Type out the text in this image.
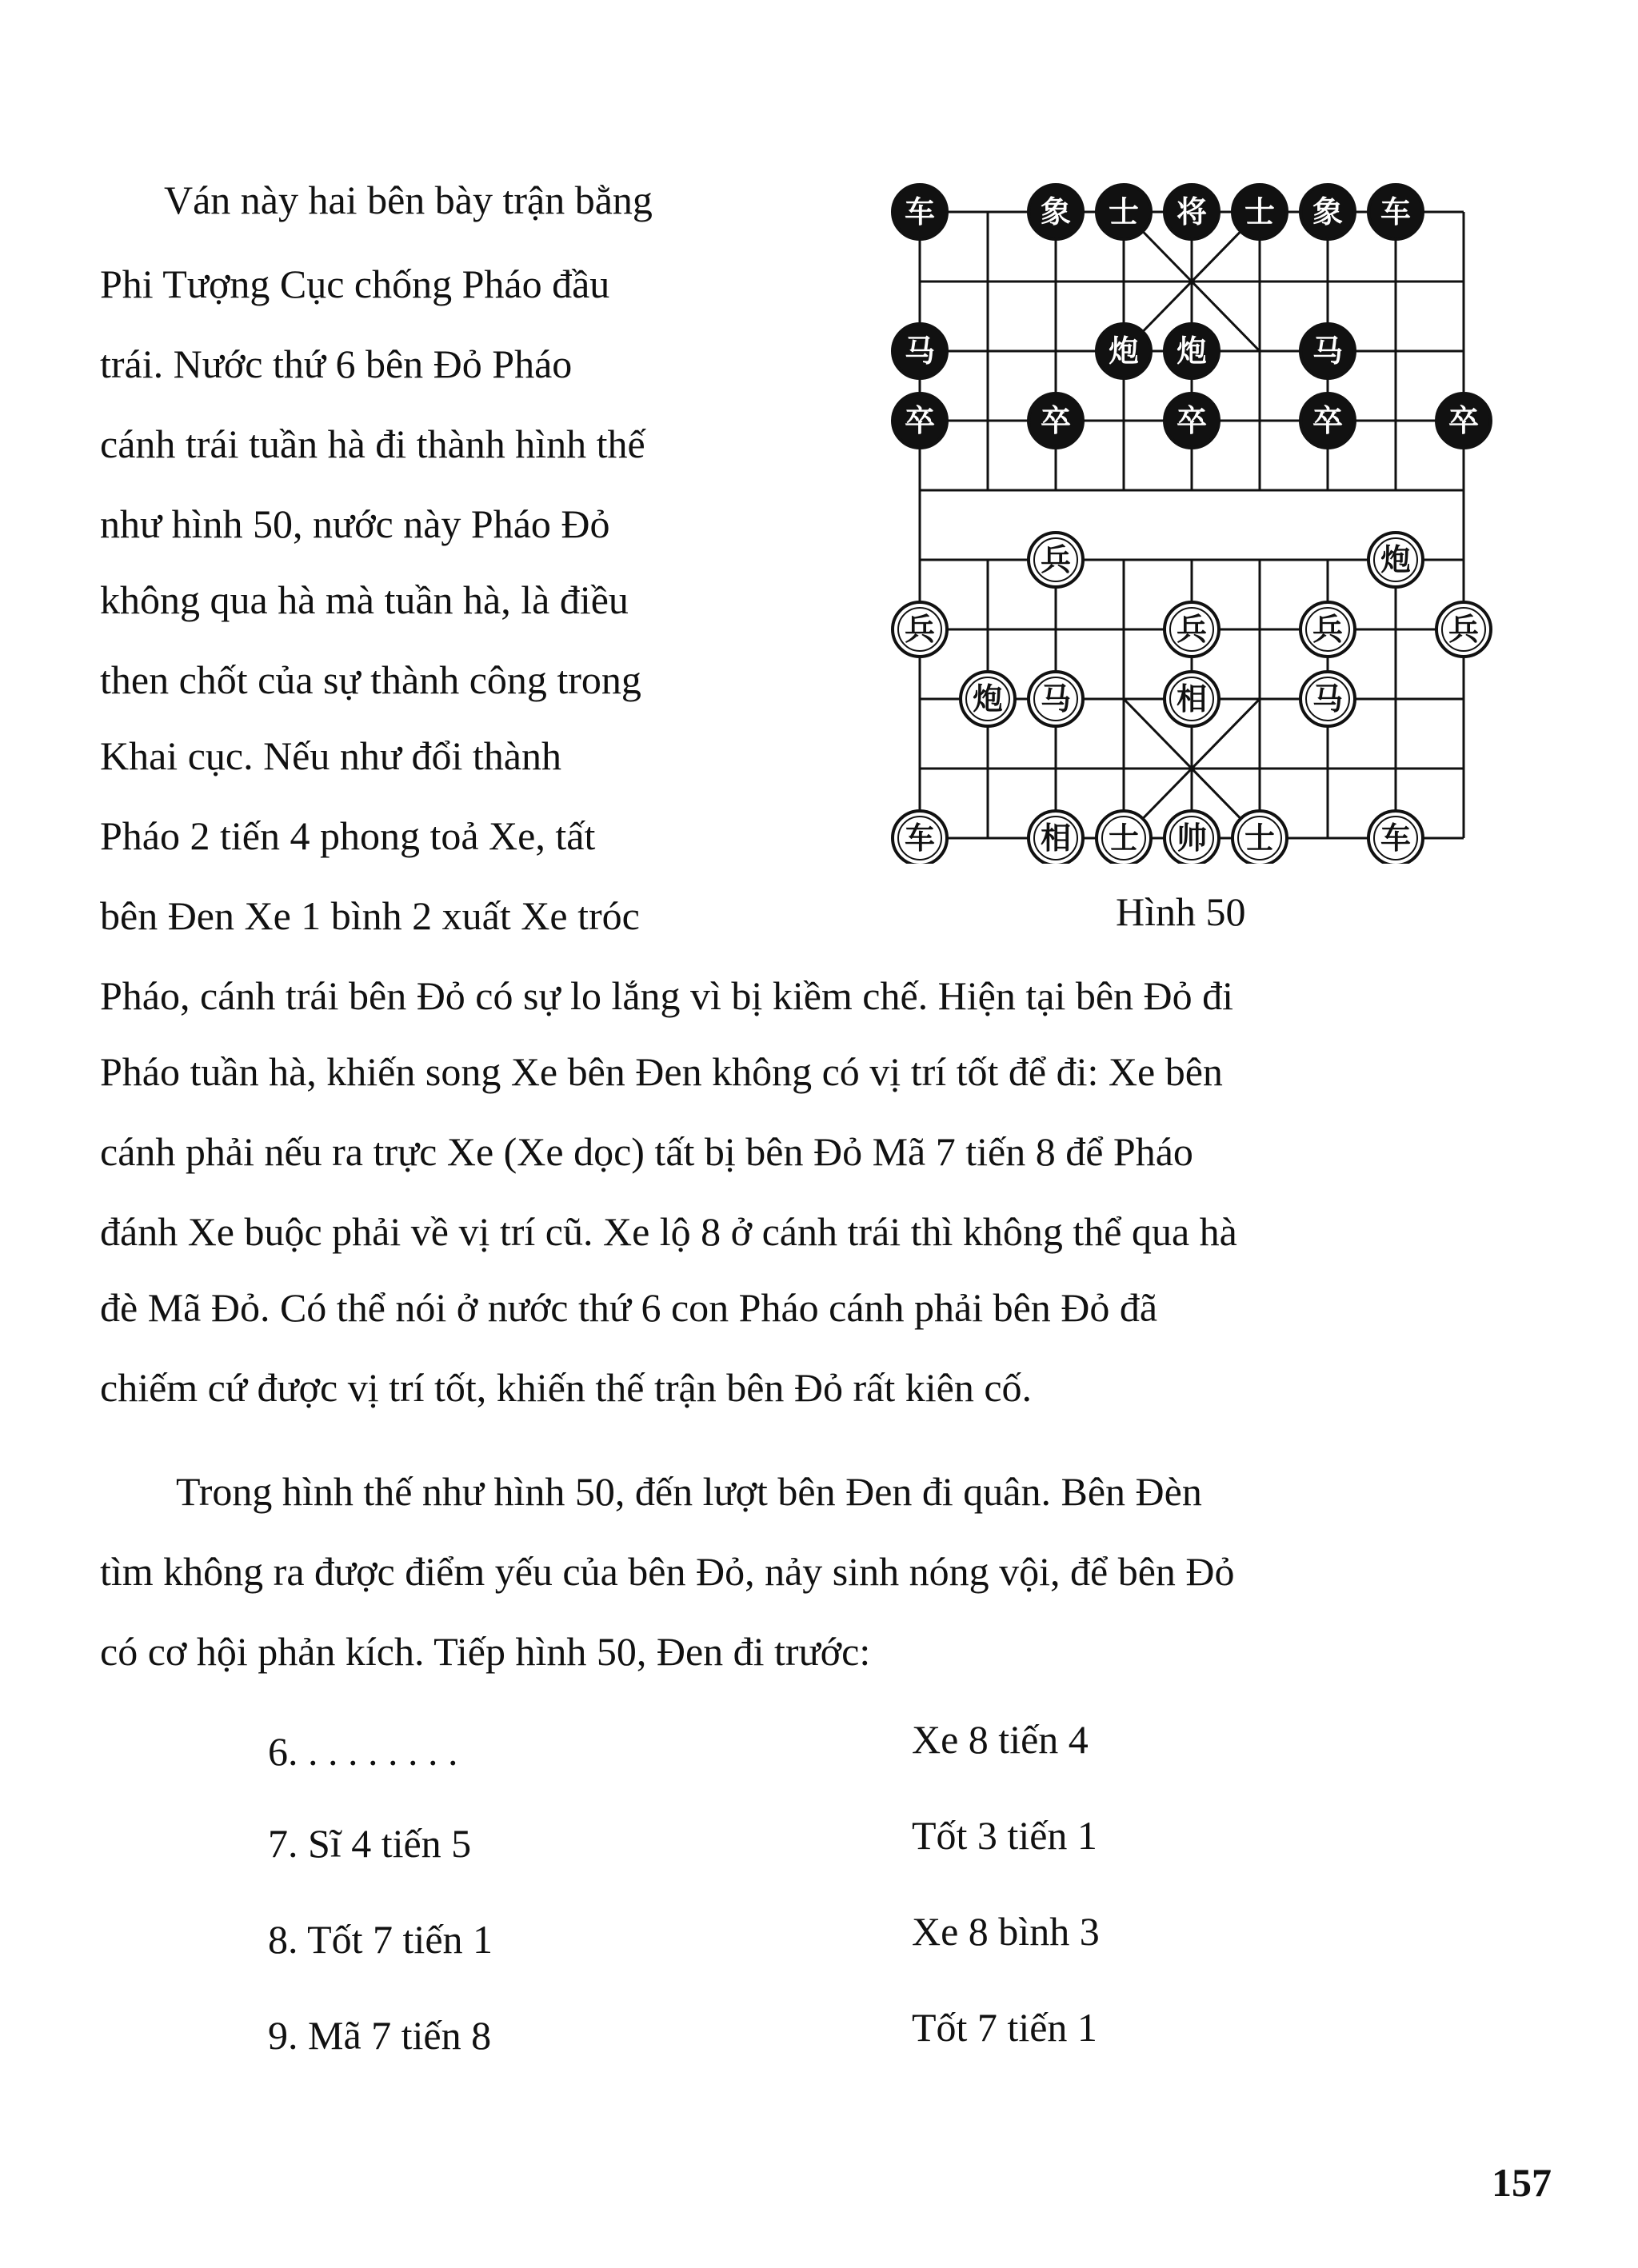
Ván này hai bên bày trận bằng
Phi Tượng Cục chống Pháo đầu
trái. Nước thứ 6 bên Đỏ Pháo
cánh trái tuần hà đi thành hình thế
như hình 50, nước này Pháo Đỏ
không qua hà mà tuần hà, là điều
then chốt của sự thành công trong
Khai cục. Nếu như đổi thành
Pháo 2 tiến 4 phong toả Xe, tất
bên Đen Xe 1 bình 2 xuất Xe tróc
车	象 士 将 士 象 车
炮 炮
马	马
卒	卒	卒	卒	卒
兵	炮
兵	兵	兵	兵
炮 马	相	马
车	相 士 帅 士	车
Hình 50
Pháo, cánh trái bên Đỏ có sự lo lắng vì bị kiềm chế. Hiện tại bên Đỏ đi
Pháo tuần hà, khiến song Xe bên Đen không có vị trí tốt để đi: Xe bên
cánh phải nếu ra trực Xe (Xe dọc) tất bị bên Đỏ Mã 7 tiến 8 để Pháo
đánh Xe buộc phải về vị trí cũ. Xe lộ 8 ở cánh trái thì không thể qua hà
đè Mã Đỏ. Có thể nói ở nước thứ 6 con Pháo cánh phải bên Đỏ đã
chiếm cứ được vị trí tốt, khiến thế trận bên Đỏ rất kiên cố.
Trong hình thế như hình 50, đến lượt bên Đen đi quân. Bên Đèn
tìm không ra được điểm yếu của bên Đỏ, nảy sinh nóng vội, để bên Đỏ
có cơ hội phản kích. Tiếp hình 50, Đen đi trước:
6. . . . . . . . .	Xe 8 tiến 4
7. Sĩ 4 tiến 5	Tốt 3 tiến 1
8. Tốt 7 tiến 1	Xe 8 bình 3
9. Mã 7 tiến 8	Tốt 7 tiến 1
157
